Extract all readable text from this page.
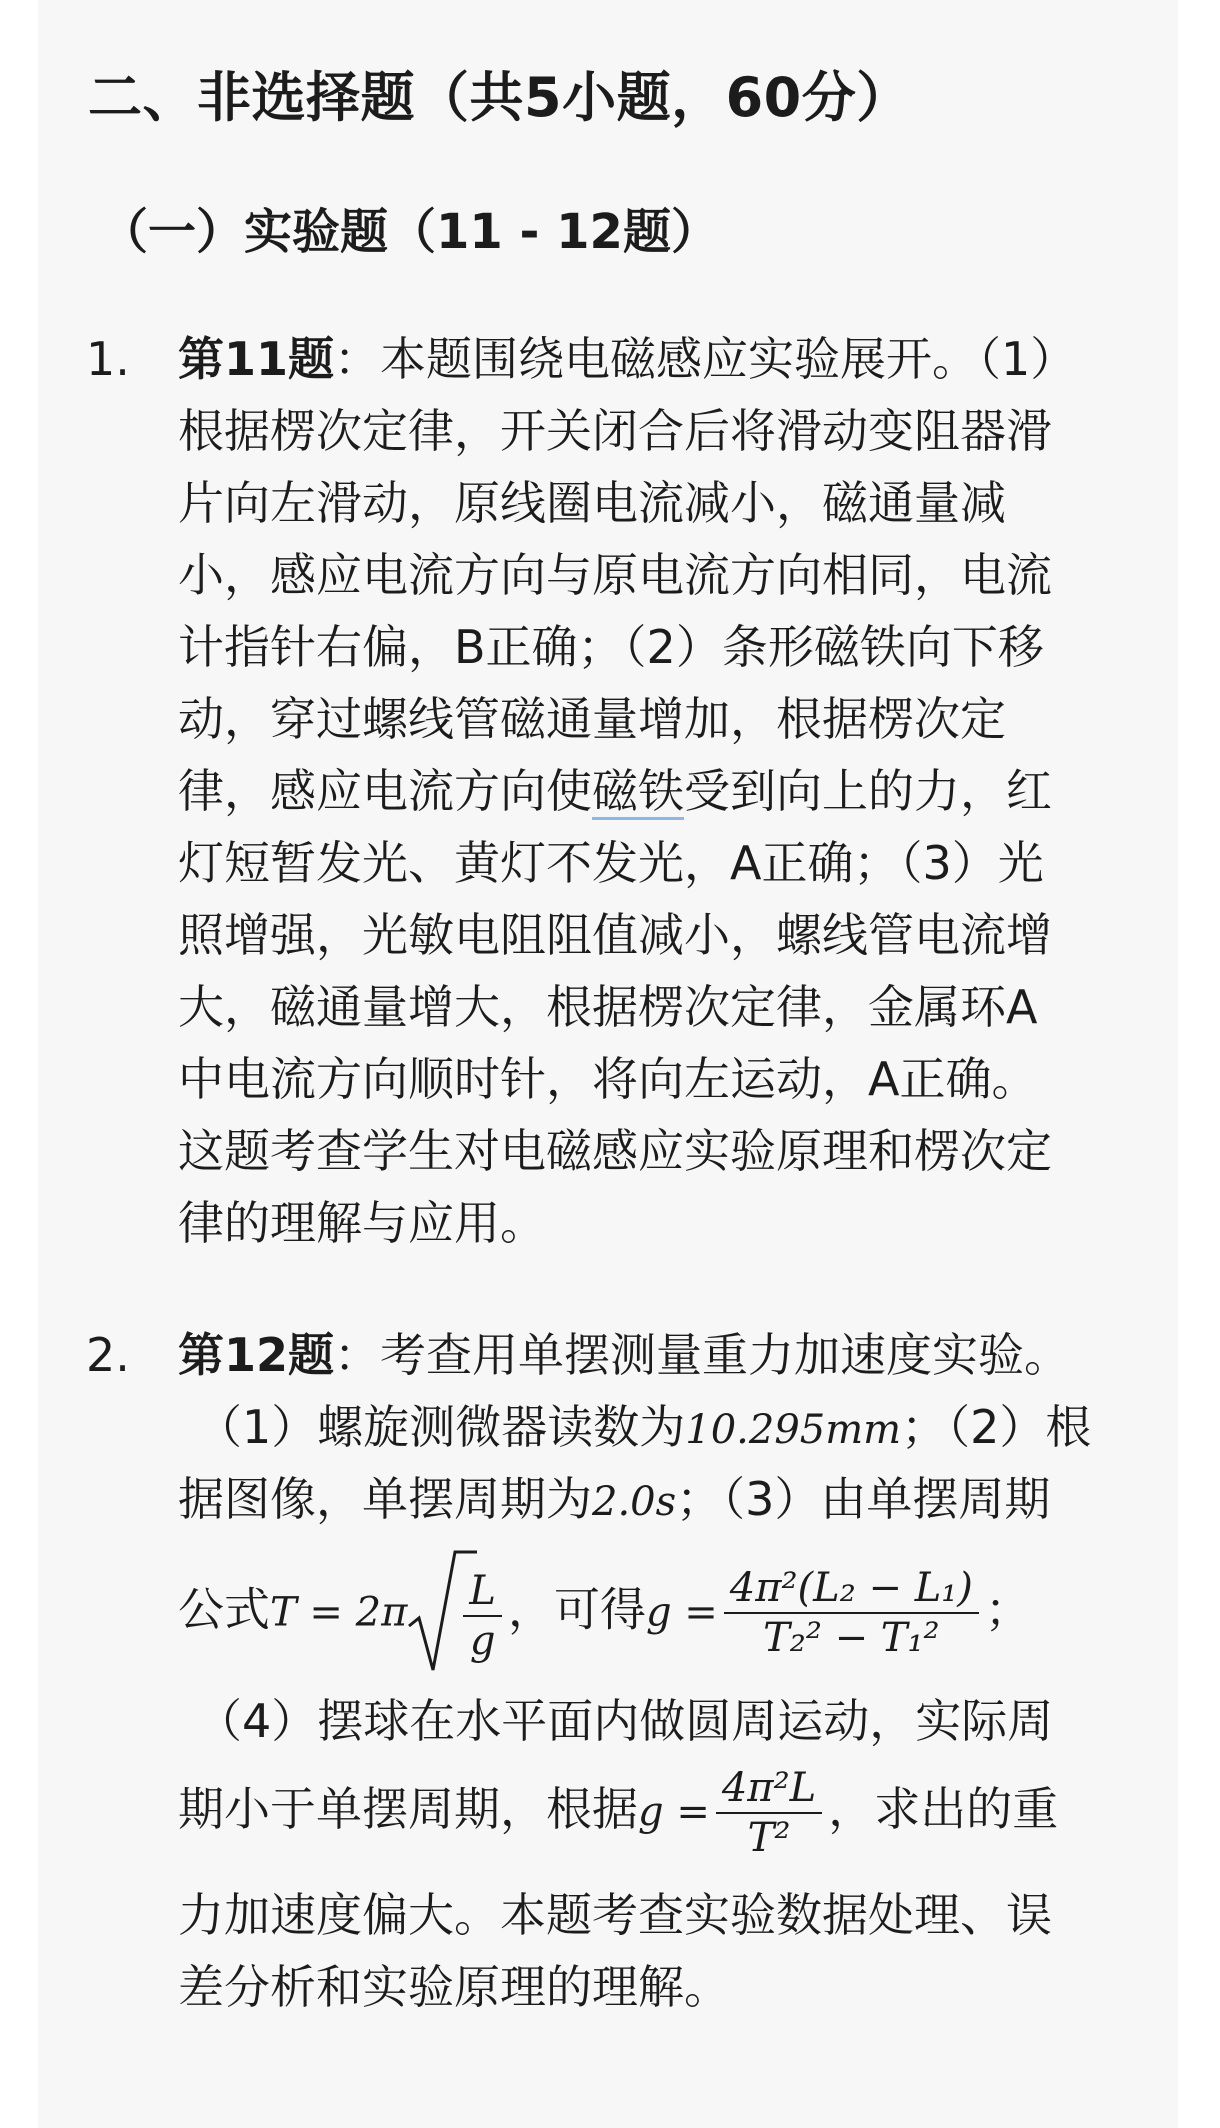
二、非选择题（共5小题，60分）
（一）实验题（11 - 12题）
1. 第11题：本题围绕电磁感应实验展开。（1）
根据楞次定律，开关闭合后将滑动变阻器滑
片向左滑动，原线圈电流减小，磁通量减
小，感应电流方向与原电流方向相同，电流
计指针右偏，B正确；（2）条形磁铁向下移
动，穿过螺线管磁通量增加，根据楞次定
律，感应电流方向使磁铁受到向上的力，红
灯短暂发光、黄灯不发光，A正确；（3）光
照增强，光敏电阻阻值减小，螺线管电流增
大，磁通量增大，根据楞次定律，金属环A
中电流方向顺时针，将向左运动，A正确。
这题考查学生对电磁感应实验原理和楞次定
律的理解与应用。
2. 第12题：考查用单摆测量重力加速度实验。
（1）螺旋测微器读数为10.295mm；（2）根
据图像，单摆周期为2.0s；（3）由单摆周期
公式$T = 2\pi \frac{L}{g}$ ，可得$g = \frac{\text{4π²(L₂ − L₁)}}{\text{T₂² − T₁²}}$ ；
（4）摆球在水平面内做圆周运动，实际周
期小于单摆周期，根据$g = \frac{\text{4π²L}}{\text{T²}}$ ，求出的重
力加速度偏大。本题考查实验数据处理、误
差分析和实验原理的理解。
